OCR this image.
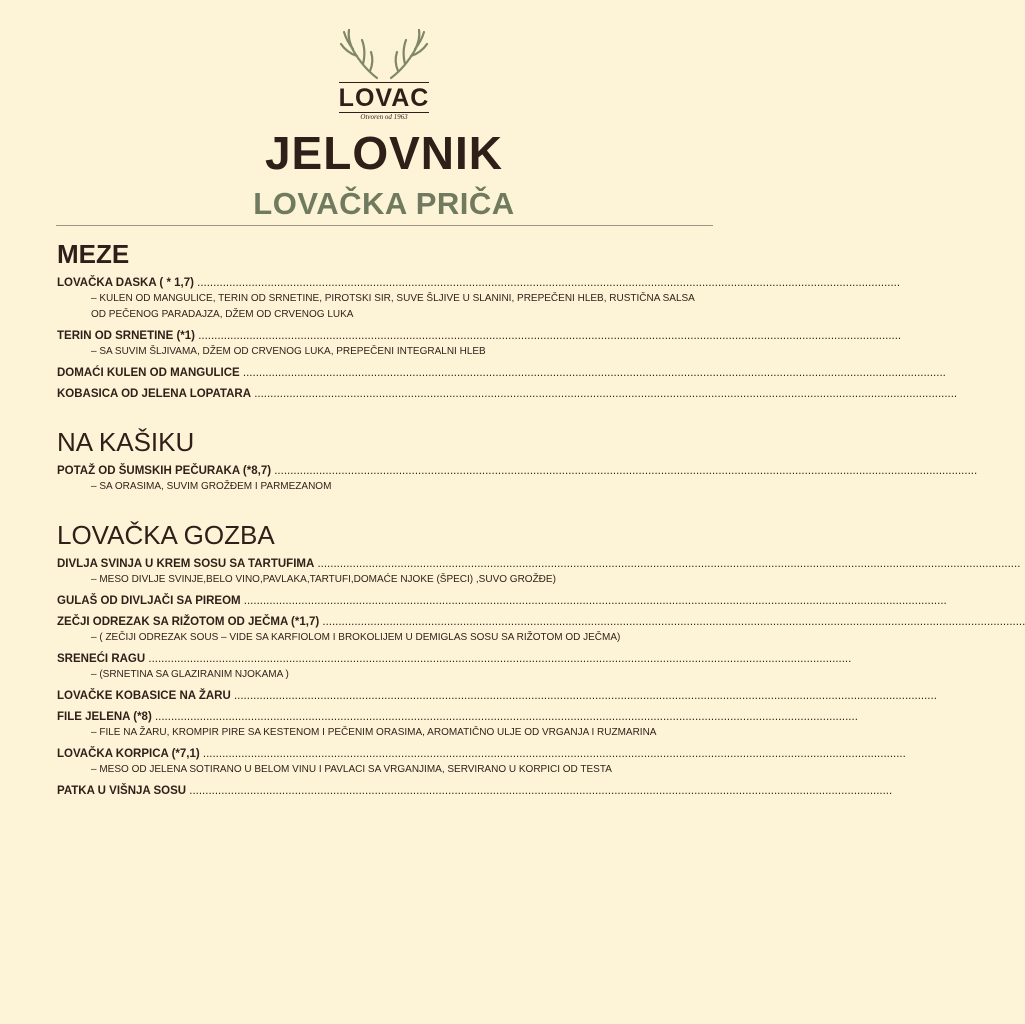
LOVAC
Otvoren od 1963
JELOVNIK
LOVAČKA PRIČA
MEZE
LOVAČKA DASKA ( * 1,7) ............................................................................................................................................................................................................................
– KULEN OD MANGULICE, TERIN OD SRNETINE, PIROTSKI SIR, SUVE ŠLJIVE U SLANINI, PREPEČENI HLEB, RUSTIČNA SALSA OD PEČENOG PARADAJZA, DŽEM OD CRVENOG LUKA
TERIN OD SRNETINE (*1) ............................................................................................................................................................................................................................
– SA SUVIM ŠLJIVAMA, DŽEM OD CRVENOG LUKA, PREPEČENI INTEGRALNI HLEB
DOMAĆI KULEN OD MANGULICE ............................................................................................................................................................................................................................
KOBASICA OD JELENA LOPATARA ............................................................................................................................................................................................................................
NA KAŠIKU
POTAŽ OD ŠUMSKIH PEČURAKA (*8,7) ............................................................................................................................................................................................................................
– SA ORASIMA, SUVIM GROŽĐEM I PARMEZANOM
LOVAČKA GOZBA
DIVLJA SVINJA U KREM SOSU SA TARTUFIMA ............................................................................................................................................................................................................................
– MESO DIVLJE SVINJE,BELO VINO,PAVLAKA,TARTUFI,DOMAĆE NJOKE (ŠPECI) ,SUVO GROŽĐE)
GULAŠ OD DIVLJAČI SA PIREOM ............................................................................................................................................................................................................................
ZEČJI ODREZAK SA RIŽOTOM OD JEČMA (*1,7) ............................................................................................................................................................................................................................
– ( ZEČIJI ODREZAK SOUS – VIDE SA KARFIOLOM I BROKOLIJEM U DEMIGLAS SOSU SA RIŽOTOM OD JEČMA)
SRENEĆI RAGU ............................................................................................................................................................................................................................
– (SRNETINA SA GLAZIRANIM NJOKAMA )
LOVAČKE KOBASICE NA ŽARU ............................................................................................................................................................................................................................
FILE JELENA (*8) ............................................................................................................................................................................................................................
– FILE NA ŽARU, KROMPIR PIRE SA KESTENOM I PEČENIM ORASIMA, AROMATIČNO ULJE OD VRGANJA I RUZMARINA
LOVAČKA KORPICA (*7,1) ............................................................................................................................................................................................................................
– MESO OD JELENA SOTIRANO U BELOM VINU I PAVLACI SA VRGANJIMA, SERVIRANO U KORPICI OD TESTA
PATKA U VIŠNJA SOSU ............................................................................................................................................................................................................................
